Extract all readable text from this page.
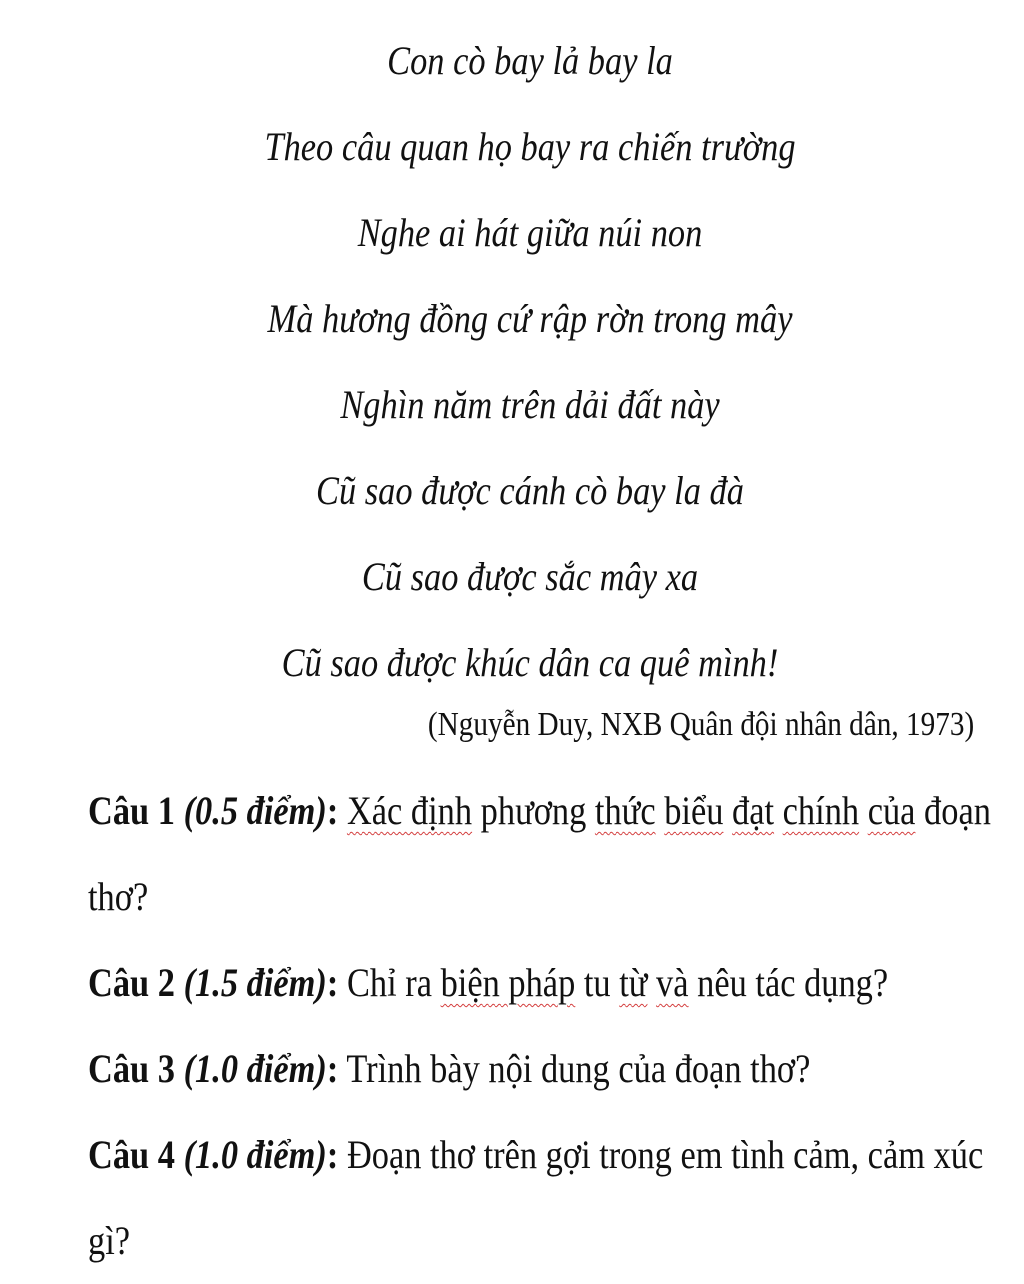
Con cò bay lả bay la
Theo câu quan họ bay ra chiến trường
Nghe ai hát giữa núi non
Mà hương đồng cứ rập rờn trong mây
Nghìn năm trên dải đất này
Cũ sao được cánh cò bay la đà
Cũ sao được sắc mây xa
Cũ sao được khúc dân ca quê mình!
(Nguyễn Duy, NXB Quân đội nhân dân, 1973)
Câu 1 (0.5 điểm): Xác định phương thức biểu đạt chính của đoạn
thơ?
Câu 2 (1.5 điểm): Chỉ ra biện pháp tu từ và nêu tác dụng?
Câu 3 (1.0 điểm): Trình bày nội dung của đoạn thơ?
Câu 4 (1.0 điểm): Đoạn thơ trên gợi trong em tình cảm, cảm xúc
gì?
